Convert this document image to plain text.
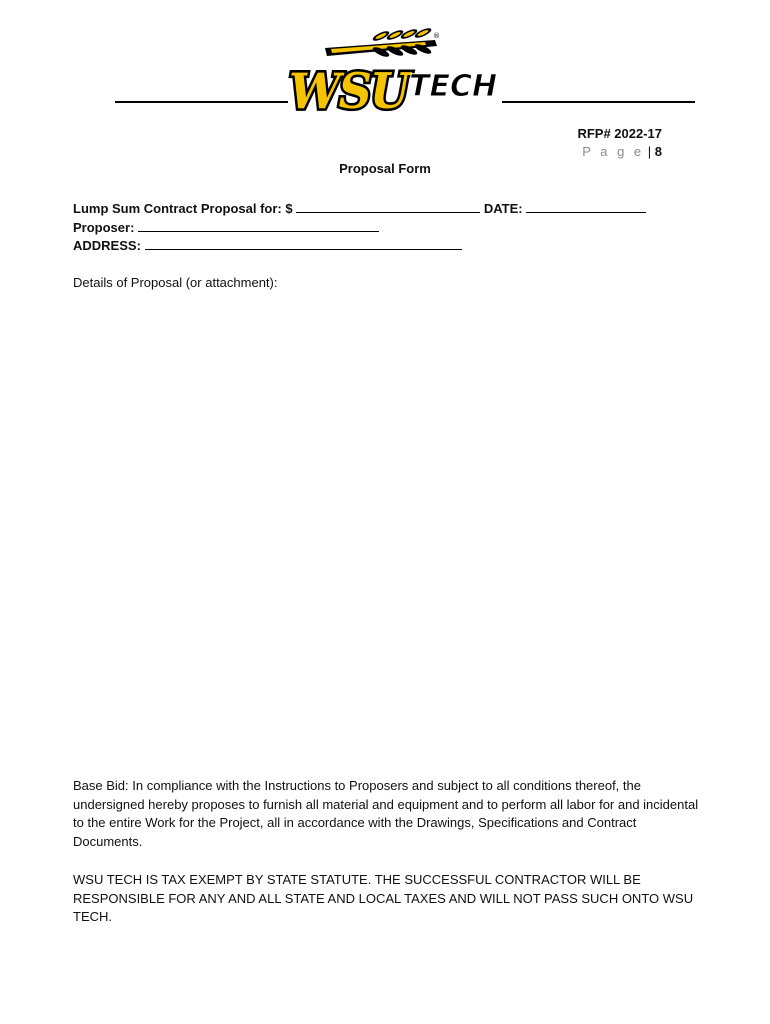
®
WSU TECH
RFP# 2022-17
P a g e | 8
Proposal Form
Lump Sum Contract Proposal for: $	DATE:
Proposer:
ADDRESS:
Details of Proposal (or attachment):
Base Bid: In compliance with the Instructions to Proposers and subject to all conditions thereof, the undersigned hereby proposes to furnish all material and equipment and to perform all labor for and incidental to the entire Work for the Project, all in accordance with the Drawings, Specifications and Contract Documents.
WSU TECH IS TAX EXEMPT BY STATE STATUTE. THE SUCCESSFUL CONTRACTOR WILL BE RESPONSIBLE FOR ANY AND ALL STATE AND LOCAL TAXES AND WILL NOT PASS SUCH ONTO WSU TECH.
